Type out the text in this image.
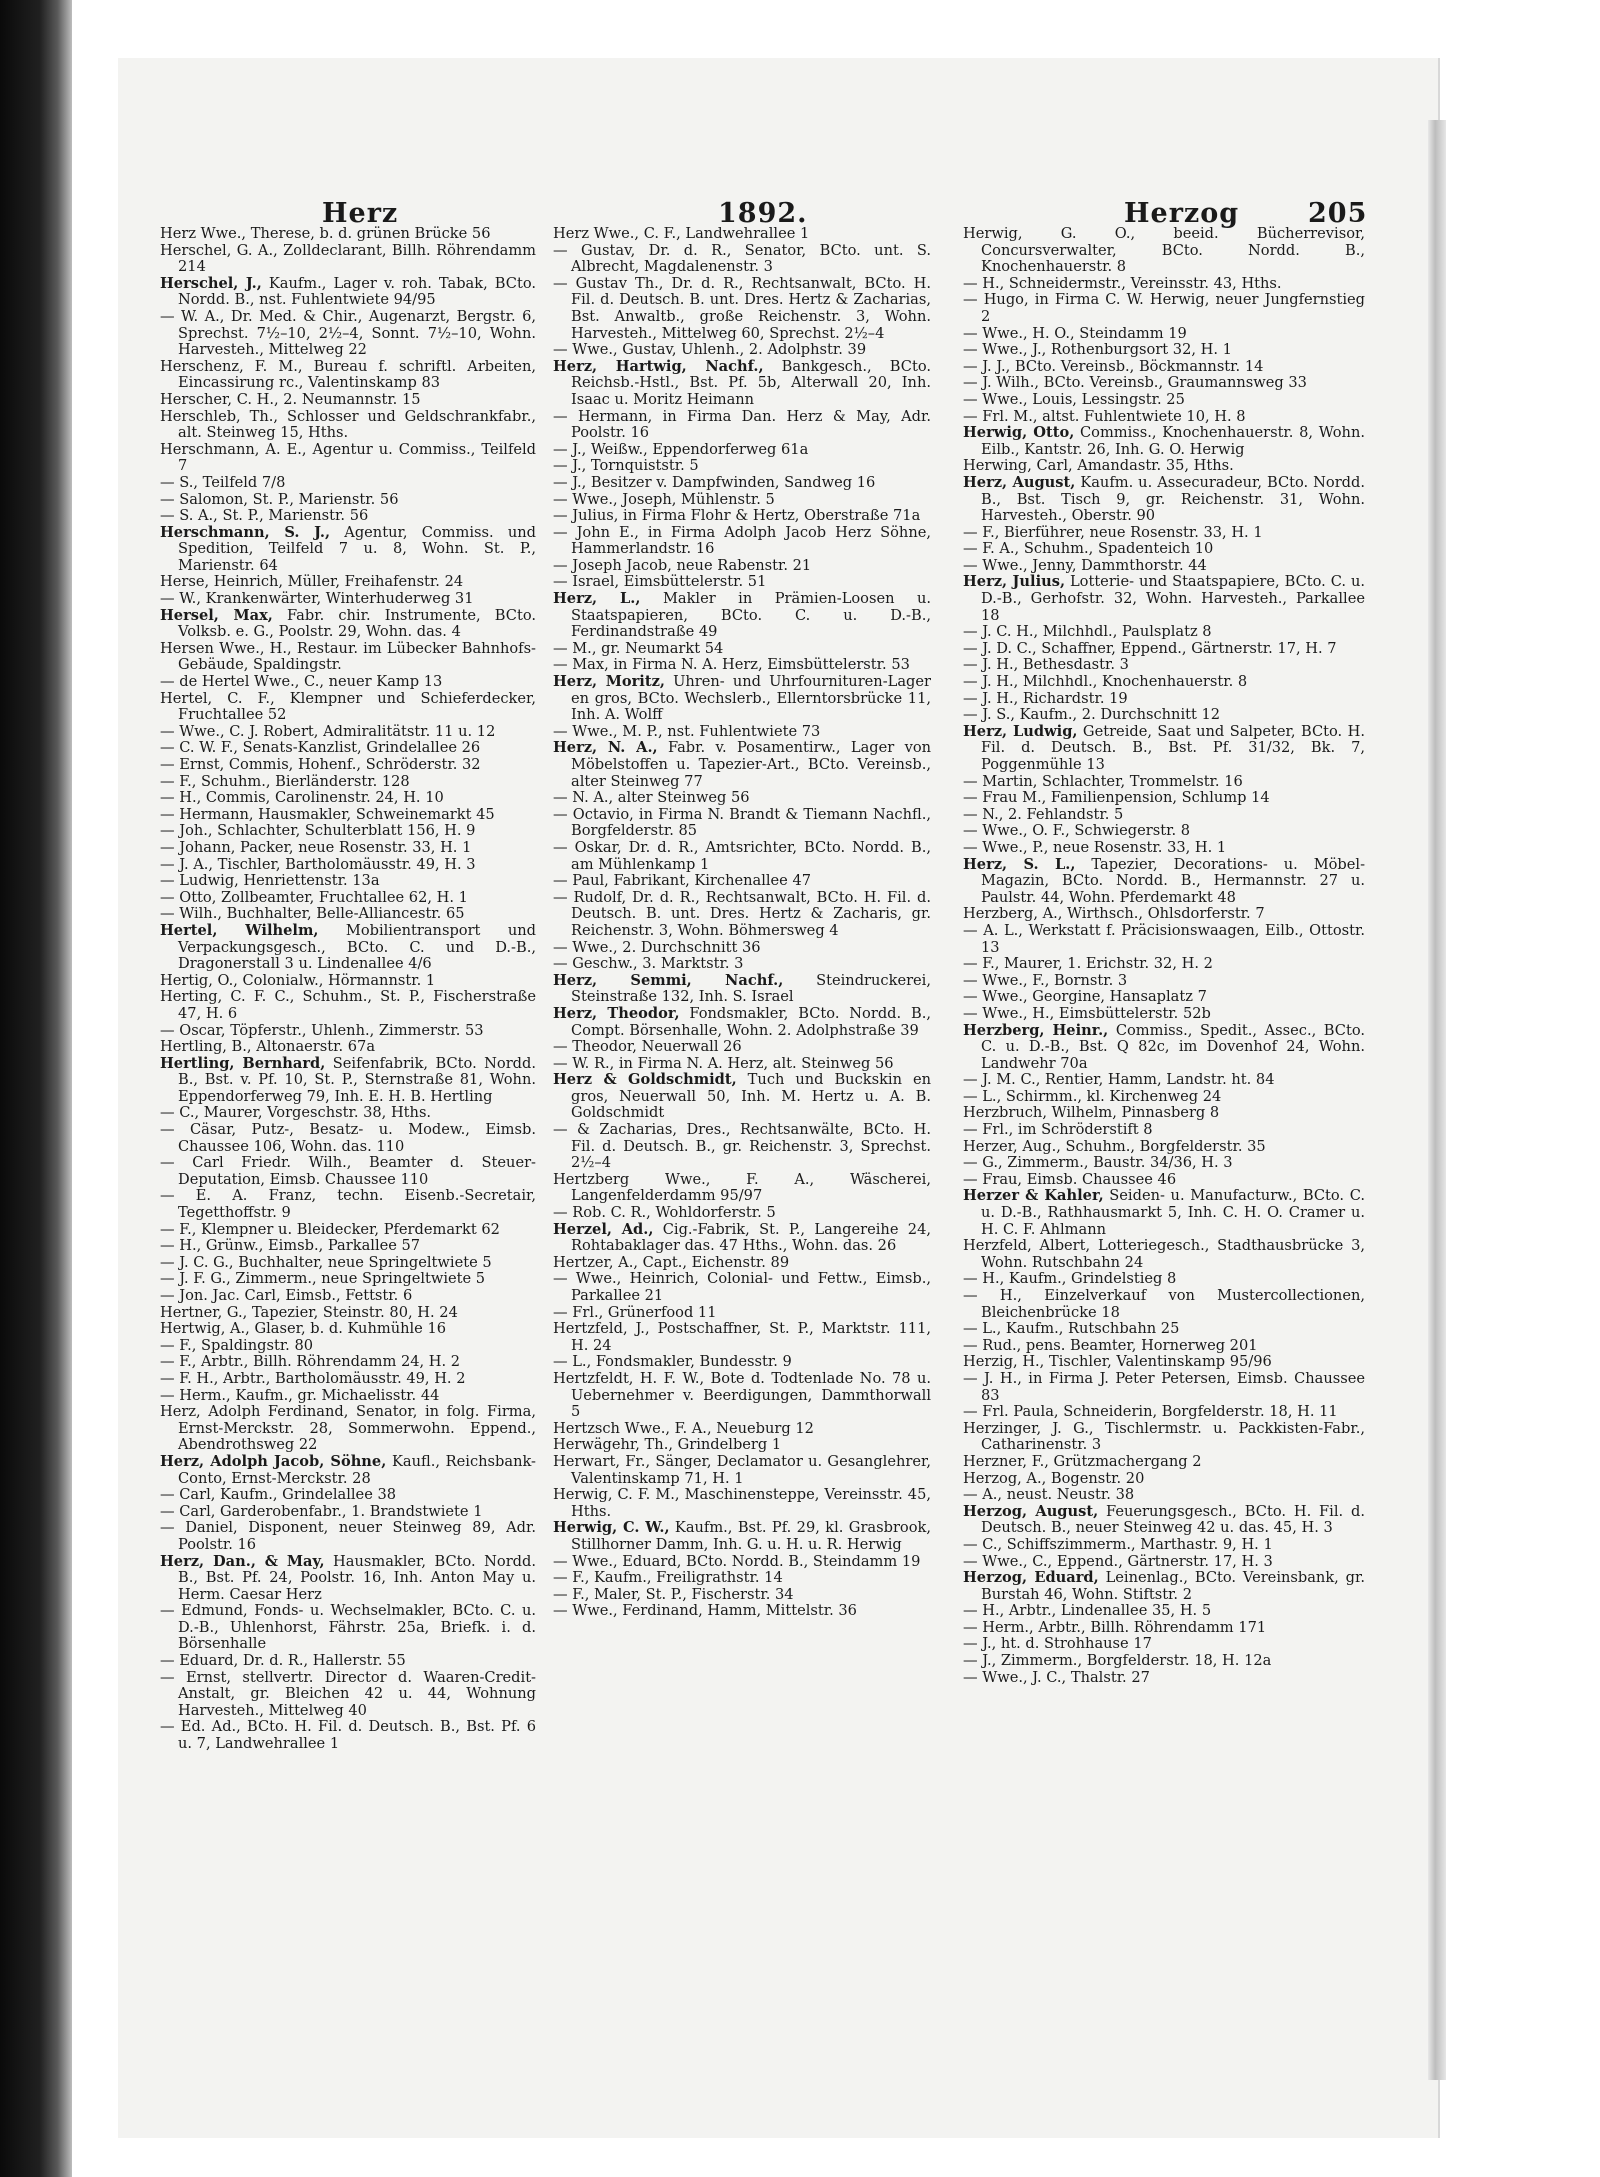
Herz	1892.	Herzog	205
Herz Wwe., Therese, b. d. grünen Brücke 56
Herschel, G. A., Zolldeclarant, Billh. Röhrendamm 214
Herschel, J., Kaufm., Lager v. roh. Tabak, BCto. Nordd. B., nst. Fuhlentwiete 94/95
— W. A., Dr. Med. & Chir., Augenarzt, Bergstr. 6, Sprechst. 7½–10, 2½–4, Sonnt. 7½–10, Wohn. Harvesteh., Mittelweg 22
Herschenz, F. M., Bureau f. schriftl. Arbeiten, Eincassirung rc., Valentinskamp 83
Herscher, C. H., 2. Neumannstr. 15
Herschleb, Th., Schlosser und Geldschrankfabr., alt. Steinweg 15, Hths.
Herschmann, A. E., Agentur u. Commiss., Teilfeld 7
— S., Teilfeld 7/8
— Salomon, St. P., Marienstr. 56
— S. A., St. P., Marienstr. 56
Herschmann, S. J., Agentur, Commiss. und Spedition, Teilfeld 7 u. 8, Wohn. St. P., Marienstr. 64
Herse, Heinrich, Müller, Freihafenstr. 24
— W., Krankenwärter, Winterhuderweg 31
Hersel, Max, Fabr. chir. Instrumente, BCto. Volksb. e. G., Poolstr. 29, Wohn. das. 4
Hersen Wwe., H., Restaur. im Lübecker Bahnhofs-Gebäude, Spaldingstr.
— de Hertel Wwe., C., neuer Kamp 13
Hertel, C. F., Klempner und Schieferdecker, Fruchtallee 52
— Wwe., C. J. Robert, Admiralitätstr. 11 u. 12
— C. W. F., Senats-Kanzlist, Grindelallee 26
— Ernst, Commis, Hohenf., Schröderstr. 32
— F., Schuhm., Bierländerstr. 128
— H., Commis, Carolinenstr. 24, H. 10
— Hermann, Hausmakler, Schweinemarkt 45
— Joh., Schlachter, Schulterblatt 156, H. 9
— Johann, Packer, neue Rosenstr. 33, H. 1
— J. A., Tischler, Bartholomäusstr. 49, H. 3
— Ludwig, Henriettenstr. 13a
— Otto, Zollbeamter, Fruchtallee 62, H. 1
— Wilh., Buchhalter, Belle-Alliancestr. 65
Hertel, Wilhelm, Mobilientransport und Verpackungsgesch., BCto. C. und D.-B., Dragonerstall 3 u. Lindenallee 4/6
Hertig, O., Colonialw., Hörmannstr. 1
Herting, C. F. C., Schuhm., St. P., Fischerstraße 47, H. 6
— Oscar, Töpferstr., Uhlenh., Zimmerstr. 53
Hertling, B., Altonaerstr. 67a
Hertling, Bernhard, Seifenfabrik, BCto. Nordd. B., Bst. v. Pf. 10, St. P., Sternstraße 81, Wohn. Eppendorferweg 79, Inh. E. H. B. Hertling
— C., Maurer, Vorgeschstr. 38, Hths.
— Cäsar, Putz-, Besatz- u. Modew., Eimsb. Chaussee 106, Wohn. das. 110
— Carl Friedr. Wilh., Beamter d. Steuer-Deputation, Eimsb. Chaussee 110
— E. A. Franz, techn. Eisenb.-Secretair, Tegetthoffstr. 9
— F., Klempner u. Bleidecker, Pferdemarkt 62
— H., Grünw., Eimsb., Parkallee 57
— J. C. G., Buchhalter, neue Springeltwiete 5
— J. F. G., Zimmerm., neue Springeltwiete 5
— Jon. Jac. Carl, Eimsb., Fettstr. 6
Hertner, G., Tapezier, Steinstr. 80, H. 24
Hertwig, A., Glaser, b. d. Kuhmühle 16
— F., Spaldingstr. 80
— F., Arbtr., Billh. Röhrendamm 24, H. 2
— F. H., Arbtr., Bartholomäusstr. 49, H. 2
— Herm., Kaufm., gr. Michaelisstr. 44
Herz, Adolph Ferdinand, Senator, in folg. Firma, Ernst-Merckstr. 28, Sommerwohn. Eppend., Abendrothsweg 22
Herz, Adolph Jacob, Söhne, Kaufl., Reichsbank-Conto, Ernst-Merckstr. 28
— Carl, Kaufm., Grindelallee 38
— Carl, Garderobenfabr., 1. Brandstwiete 1
— Daniel, Disponent, neuer Steinweg 89, Adr. Poolstr. 16
Herz, Dan., & May, Hausmakler, BCto. Nordd. B., Bst. Pf. 24, Poolstr. 16, Inh. Anton May u. Herm. Caesar Herz
— Edmund, Fonds- u. Wechselmakler, BCto. C. u. D.-B., Uhlenhorst, Fährstr. 25a, Briefk. i. d. Börsenhalle
— Eduard, Dr. d. R., Hallerstr. 55
— Ernst, stellvertr. Director d. Waaren-Credit-Anstalt, gr. Bleichen 42 u. 44, Wohnung Harvesteh., Mittelweg 40
— Ed. Ad., BCto. H. Fil. d. Deutsch. B., Bst. Pf. 6 u. 7, Landwehrallee 1
Herz Wwe., C. F., Landwehrallee 1
— Gustav, Dr. d. R., Senator, BCto. unt. S. Albrecht, Magdalenenstr. 3
— Gustav Th., Dr. d. R., Rechtsanwalt, BCto. H. Fil. d. Deutsch. B. unt. Dres. Hertz & Zacharias, Bst. Anwaltb., große Reichenstr. 3, Wohn. Harvesteh., Mittelweg 60, Sprechst. 2½–4
— Wwe., Gustav, Uhlenh., 2. Adolphstr. 39
Herz, Hartwig, Nachf., Bankgesch., BCto. Reichsb.-Hstl., Bst. Pf. 5b, Alterwall 20, Inh. Isaac u. Moritz Heimann
— Hermann, in Firma Dan. Herz & May, Adr. Poolstr. 16
— J., Weißw., Eppendorferweg 61a
— J., Tornquiststr. 5
— J., Besitzer v. Dampfwinden, Sandweg 16
— Wwe., Joseph, Mühlenstr. 5
— Julius, in Firma Flohr & Hertz, Oberstraße 71a
— John E., in Firma Adolph Jacob Herz Söhne, Hammerlandstr. 16
— Joseph Jacob, neue Rabenstr. 21
— Israel, Eimsbüttelerstr. 51
Herz, L., Makler in Prämien-Loosen u. Staatspapieren, BCto. C. u. D.-B., Ferdinandstraße 49
— M., gr. Neumarkt 54
— Max, in Firma N. A. Herz, Eimsbüttelerstr. 53
Herz, Moritz, Uhren- und Uhrfournituren-Lager en gros, BCto. Wechslerb., Ellerntorsbrücke 11, Inh. A. Wolff
— Wwe., M. P., nst. Fuhlentwiete 73
Herz, N. A., Fabr. v. Posamentirw., Lager von Möbelstoffen u. Tapezier-Art., BCto. Vereinsb., alter Steinweg 77
— N. A., alter Steinweg 56
— Octavio, in Firma N. Brandt & Tiemann Nachfl., Borgfelderstr. 85
— Oskar, Dr. d. R., Amtsrichter, BCto. Nordd. B., am Mühlenkamp 1
— Paul, Fabrikant, Kirchenallee 47
— Rudolf, Dr. d. R., Rechtsanwalt, BCto. H. Fil. d. Deutsch. B. unt. Dres. Hertz & Zacharis, gr. Reichenstr. 3, Wohn. Böhmersweg 4
— Wwe., 2. Durchschnitt 36
— Geschw., 3. Marktstr. 3
Herz, Semmi, Nachf., Steindruckerei, Steinstraße 132, Inh. S. Israel
Herz, Theodor, Fondsmakler, BCto. Nordd. B., Compt. Börsenhalle, Wohn. 2. Adolphstraße 39
— Theodor, Neuerwall 26
— W. R., in Firma N. A. Herz, alt. Steinweg 56
Herz & Goldschmidt, Tuch und Buckskin en gros, Neuerwall 50, Inh. M. Hertz u. A. B. Goldschmidt
— & Zacharias, Dres., Rechtsanwälte, BCto. H. Fil. d. Deutsch. B., gr. Reichenstr. 3, Sprechst. 2½–4
Hertzberg Wwe., F. A., Wäscherei, Langenfelderdamm 95/97
— Rob. C. R., Wohldorferstr. 5
Herzel, Ad., Cig.-Fabrik, St. P., Langereihe 24, Rohtabaklager das. 47 Hths., Wohn. das. 26
Hertzer, A., Capt., Eichenstr. 89
— Wwe., Heinrich, Colonial- und Fettw., Eimsb., Parkallee 21
— Frl., Grünerfood 11
Hertzfeld, J., Postschaffner, St. P., Marktstr. 111, H. 24
— L., Fondsmakler, Bundesstr. 9
Hertzfeldt, H. F. W., Bote d. Todtenlade No. 78 u. Uebernehmer v. Beerdigungen, Dammthorwall 5
Hertzsch Wwe., F. A., Neueburg 12
Herwägehr, Th., Grindelberg 1
Herwart, Fr., Sänger, Declamator u. Gesanglehrer, Valentinskamp 71, H. 1
Herwig, C. F. M., Maschinensteppe, Vereinsstr. 45, Hths.
Herwig, C. W., Kaufm., Bst. Pf. 29, kl. Grasbrook, Stillhorner Damm, Inh. G. u. H. u. R. Herwig
— Wwe., Eduard, BCto. Nordd. B., Steindamm 19
— F., Kaufm., Freiligrathstr. 14
— F., Maler, St. P., Fischerstr. 34
— Wwe., Ferdinand, Hamm, Mittelstr. 36
Herwig, G. O., beeid. Bücherrevisor, Concursverwalter, BCto. Nordd. B., Knochenhauerstr. 8
— H., Schneidermstr., Vereinsstr. 43, Hths.
— Hugo, in Firma C. W. Herwig, neuer Jungfernstieg 2
— Wwe., H. O., Steindamm 19
— Wwe., J., Rothenburgsort 32, H. 1
— J. J., BCto. Vereinsb., Böckmannstr. 14
— J. Wilh., BCto. Vereinsb., Graumannsweg 33
— Wwe., Louis, Lessingstr. 25
— Frl. M., altst. Fuhlentwiete 10, H. 8
Herwig, Otto, Commiss., Knochenhauerstr. 8, Wohn. Eilb., Kantstr. 26, Inh. G. O. Herwig
Herwing, Carl, Amandastr. 35, Hths.
Herz, August, Kaufm. u. Assecuradeur, BCto. Nordd. B., Bst. Tisch 9, gr. Reichenstr. 31, Wohn. Harvesteh., Oberstr. 90
— F., Bierführer, neue Rosenstr. 33, H. 1
— F. A., Schuhm., Spadenteich 10
— Wwe., Jenny, Dammthorstr. 44
Herz, Julius, Lotterie- und Staatspapiere, BCto. C. u. D.-B., Gerhofstr. 32, Wohn. Harvesteh., Parkallee 18
— J. C. H., Milchhdl., Paulsplatz 8
— J. D. C., Schaffner, Eppend., Gärtnerstr. 17, H. 7
— J. H., Bethesdastr. 3
— J. H., Milchhdl., Knochenhauerstr. 8
— J. H., Richardstr. 19
— J. S., Kaufm., 2. Durchschnitt 12
Herz, Ludwig, Getreide, Saat und Salpeter, BCto. H. Fil. d. Deutsch. B., Bst. Pf. 31/32, Bk. 7, Poggenmühle 13
— Martin, Schlachter, Trommelstr. 16
— Frau M., Familienpension, Schlump 14
— N., 2. Fehlandstr. 5
— Wwe., O. F., Schwiegerstr. 8
— Wwe., P., neue Rosenstr. 33, H. 1
Herz, S. L., Tapezier, Decorations- u. Möbel-Magazin, BCto. Nordd. B., Hermannstr. 27 u. Paulstr. 44, Wohn. Pferdemarkt 48
Herzberg, A., Wirthsch., Ohlsdorferstr. 7
— A. L., Werkstatt f. Präcisionswaagen, Eilb., Ottostr. 13
— F., Maurer, 1. Erichstr. 32, H. 2
— Wwe., F., Bornstr. 3
— Wwe., Georgine, Hansaplatz 7
— Wwe., H., Eimsbüttelerstr. 52b
Herzberg, Heinr., Commiss., Spedit., Assec., BCto. C. u. D.-B., Bst. Q 82c, im Dovenhof 24, Wohn. Landwehr 70a
— J. M. C., Rentier, Hamm, Landstr. ht. 84
— L., Schirmm., kl. Kirchenweg 24
Herzbruch, Wilhelm, Pinnasberg 8
— Frl., im Schröderstift 8
Herzer, Aug., Schuhm., Borgfelderstr. 35
— G., Zimmerm., Baustr. 34/36, H. 3
— Frau, Eimsb. Chaussee 46
Herzer & Kahler, Seiden- u. Manufacturw., BCto. C. u. D.-B., Rathhausmarkt 5, Inh. C. H. O. Cramer u. H. C. F. Ahlmann
Herzfeld, Albert, Lotteriegesch., Stadthausbrücke 3, Wohn. Rutschbahn 24
— H., Kaufm., Grindelstieg 8
— H., Einzelverkauf von Mustercollectionen, Bleichenbrücke 18
— L., Kaufm., Rutschbahn 25
— Rud., pens. Beamter, Hornerweg 201
Herzig, H., Tischler, Valentinskamp 95/96
— J. H., in Firma J. Peter Petersen, Eimsb. Chaussee 83
— Frl. Paula, Schneiderin, Borgfelderstr. 18, H. 11
Herzinger, J. G., Tischlermstr. u. Packkisten-Fabr., Catharinenstr. 3
Herzner, F., Grützmachergang 2
Herzog, A., Bogenstr. 20
— A., neust. Neustr. 38
Herzog, August, Feuerungsgesch., BCto. H. Fil. d. Deutsch. B., neuer Steinweg 42 u. das. 45, H. 3
— C., Schiffszimmerm., Marthastr. 9, H. 1
— Wwe., C., Eppend., Gärtnerstr. 17, H. 3
Herzog, Eduard, Leinenlag., BCto. Vereinsbank, gr. Burstah 46, Wohn. Stiftstr. 2
— H., Arbtr., Lindenallee 35, H. 5
— Herm., Arbtr., Billh. Röhrendamm 171
— J., ht. d. Strohhause 17
— J., Zimmerm., Borgfelderstr. 18, H. 12a
— Wwe., J. C., Thalstr. 27
